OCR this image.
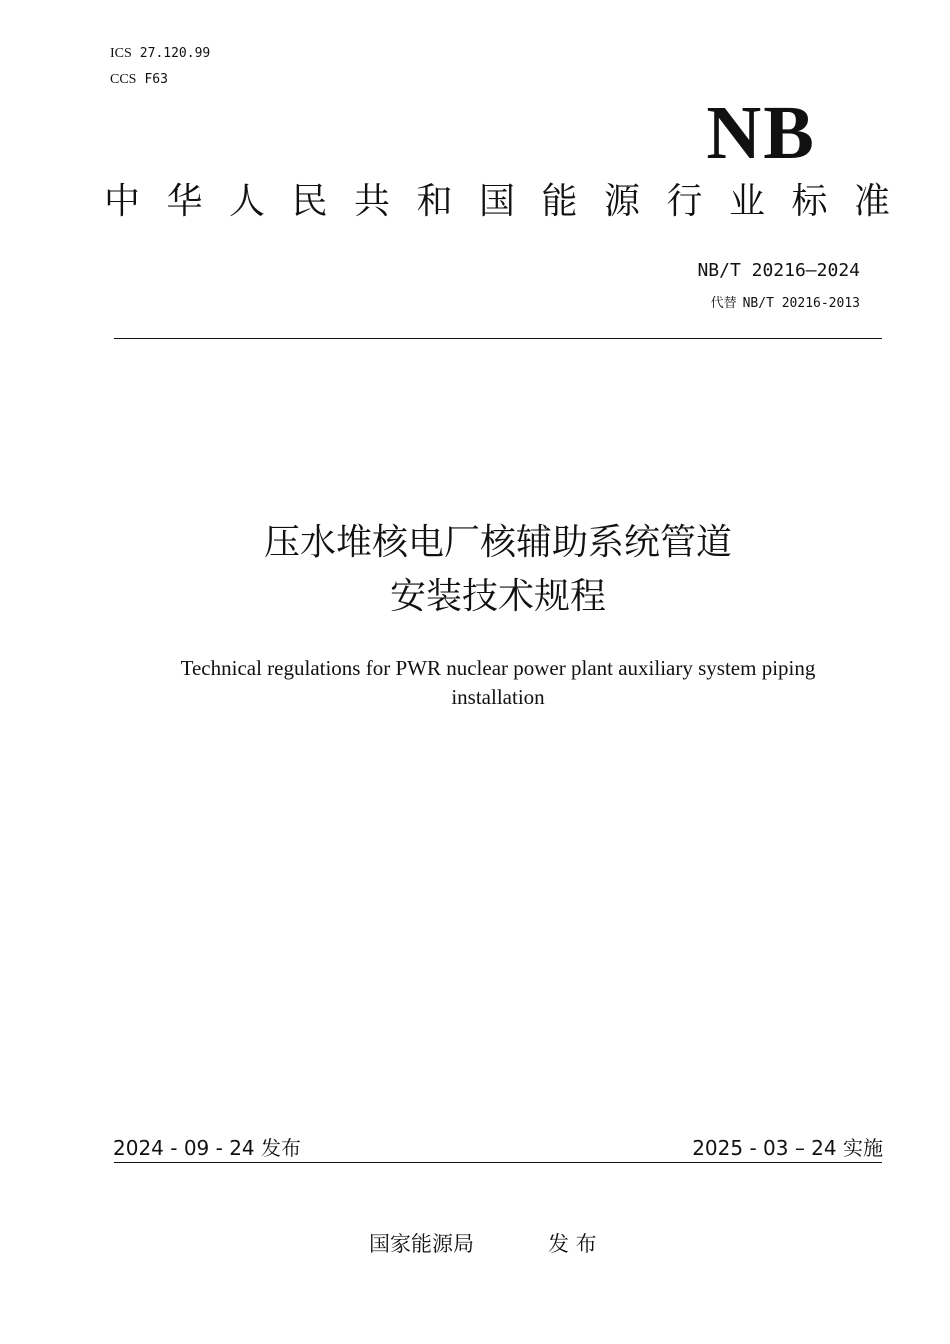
ICS 27.120.99
CCS F63
NB
中华人民共和国能源行业标准
NB/T 20216—2024
代替 NB/T 20216-2013
压水堆核电厂核辅助系统管道
安装技术规程
Technical regulations for PWR nuclear power plant auxiliary system piping
installation
2024 - 09 - 24 发布	2025 - 03 – 24 实施
国家能源局	发 布
